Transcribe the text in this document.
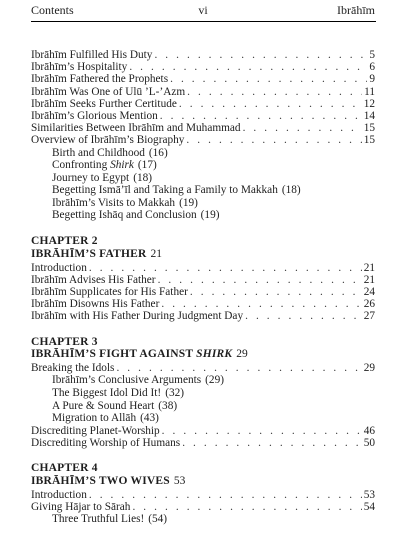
Contents	vi	Ibrāhīm
Ibrāhīm Fulfilled His Duty . . .	5
Ibrāhīm’s Hospitality . . .	6
Ibrāhīm Fathered the Prophets . . .	9
Ibrāhīm Was One of Ulū ’L-’Azm . . .	11
Ibrāhīm Seeks Further Certitude . . .	12
Ibrāhīm’s Glorious Mention . . .	14
Similarities Between Ibrāhīm and Muhammad . . .	15
Overview of Ibrāhīm’s Biography . . .	15
Birth and Childhood (16)
Confronting Shirk (17)
Journey to Egypt (18)
Begetting Ismā’īl and Taking a Family to Makkah (18)
Ibrāhīm’s Visits to Makkah (19)
Begetting Ishāq and Conclusion (19)
CHAPTER 2
IBRĀHĪM’S FATHER 21
Introduction . . .	21
Ibrāhīm Advises His Father . . .	21
Ibrāhīm Supplicates for His Father . . .	24
Ibrāhīm Disowns His Father . . .	26
Ibrāhīm with His Father During Judgment Day . . .	27
CHAPTER 3
IBRĀHĪM’S FIGHT AGAINST SHIRK 29
Breaking the Idols . . .	29
Ibrāhīm’s Conclusive Arguments (29)
The Biggest Idol Did It! (32)
A Pure & Sound Heart (38)
Migration to Allāh (43)
Discrediting Planet-Worship . . .	46
Discrediting Worship of Humans . . .	50
CHAPTER 4
IBRĀHĪM’S TWO WIVES 53
Introduction . . .	53
Giving Hājar to Sārah . . .	54
Three Truthful Lies! (54)
